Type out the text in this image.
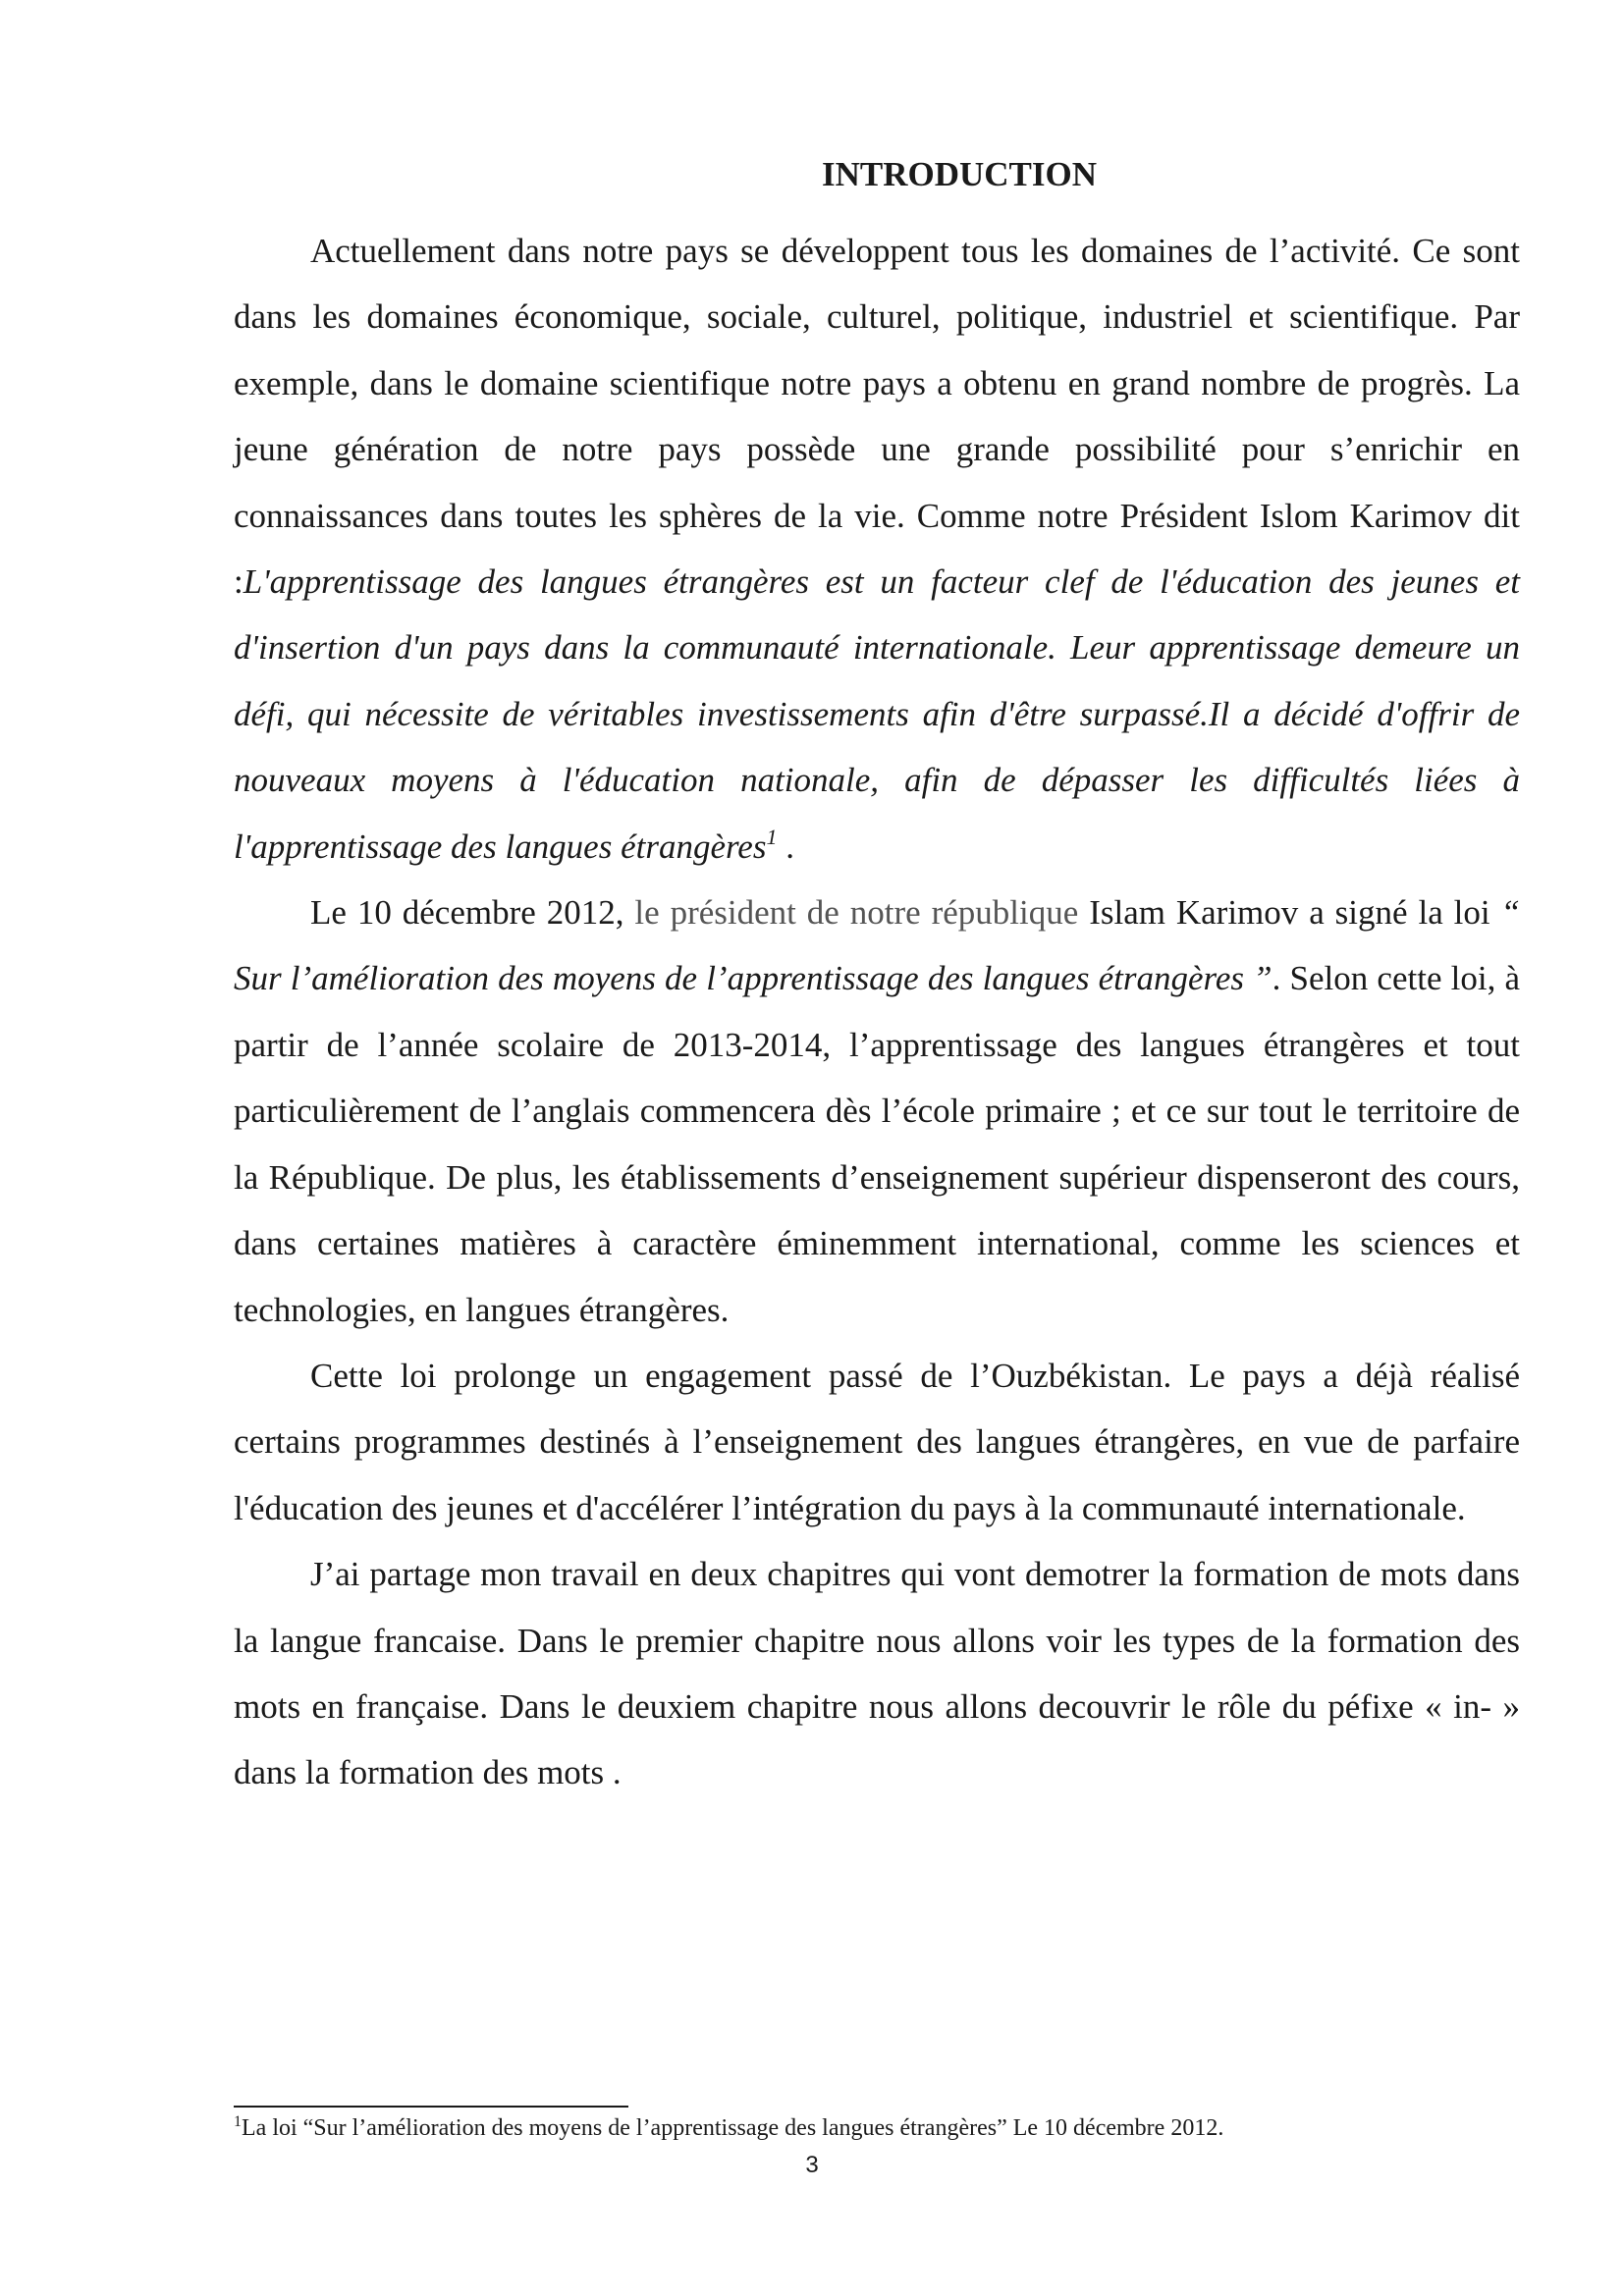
INTRODUCTION

Actuellement dans notre pays se développent tous les domaines de l’activité. Ce sont dans les domaines économique, sociale, culturel, politique, industriel et scientifique. Par exemple, dans le domaine scientifique notre pays a obtenu en grand nombre de progrès. La jeune génération de notre pays possède une grande possibilité pour s’enrichir en connaissances dans toutes les sphères de la vie. Comme notre Président Islom Karimov dit :L'apprentissage des langues étrangères est un facteur clef de l'éducation des jeunes et d'insertion d'un pays dans la communauté internationale. Leur apprentissage demeure un défi, qui nécessite de véritables investissements afin d'être surpassé.Il a décidé d'offrir de nouveaux moyens à l'éducation nationale, afin de dépasser les difficultés liées à l'apprentissage des langues étrangères$^1$ .

Le 10 décembre 2012, le président de notre république Islam Karimov a signé la loi “ Sur l’amélioration des moyens de l’apprentissage des langues étrangères ”. Selon cette loi, à partir de l’année scolaire de 2013-2014, l’apprentissage des langues étrangères et tout particulièrement de l’anglais commencera dès l’école primaire ; et ce sur tout le territoire de la République. De plus, les établissements d’enseignement supérieur dispenseront des cours, dans certaines matières à caractère éminemment international, comme les sciences et technologies, en langues étrangères.

Cette loi prolonge un engagement passé de l’Ouzbékistan. Le pays a déjà réalisé certains programmes destinés à l’enseignement des langues étrangères, en vue de parfaire l'éducation des jeunes et d'accélérer l’intégration du pays à la communauté internationale.

J’ai partage mon travail en deux chapitres qui vont demotrer la formation de mots dans la langue francaise. Dans le premier chapitre nous allons voir les types de la formation des mots en française. Dans le deuxiem chapitre nous allons decouvrir le rôle du péfixe « in- » dans la formation des mots .

$^1$La loi “Sur l’amélioration des moyens de l’apprentissage des langues étrangères” Le 10 décembre 2012.
3
